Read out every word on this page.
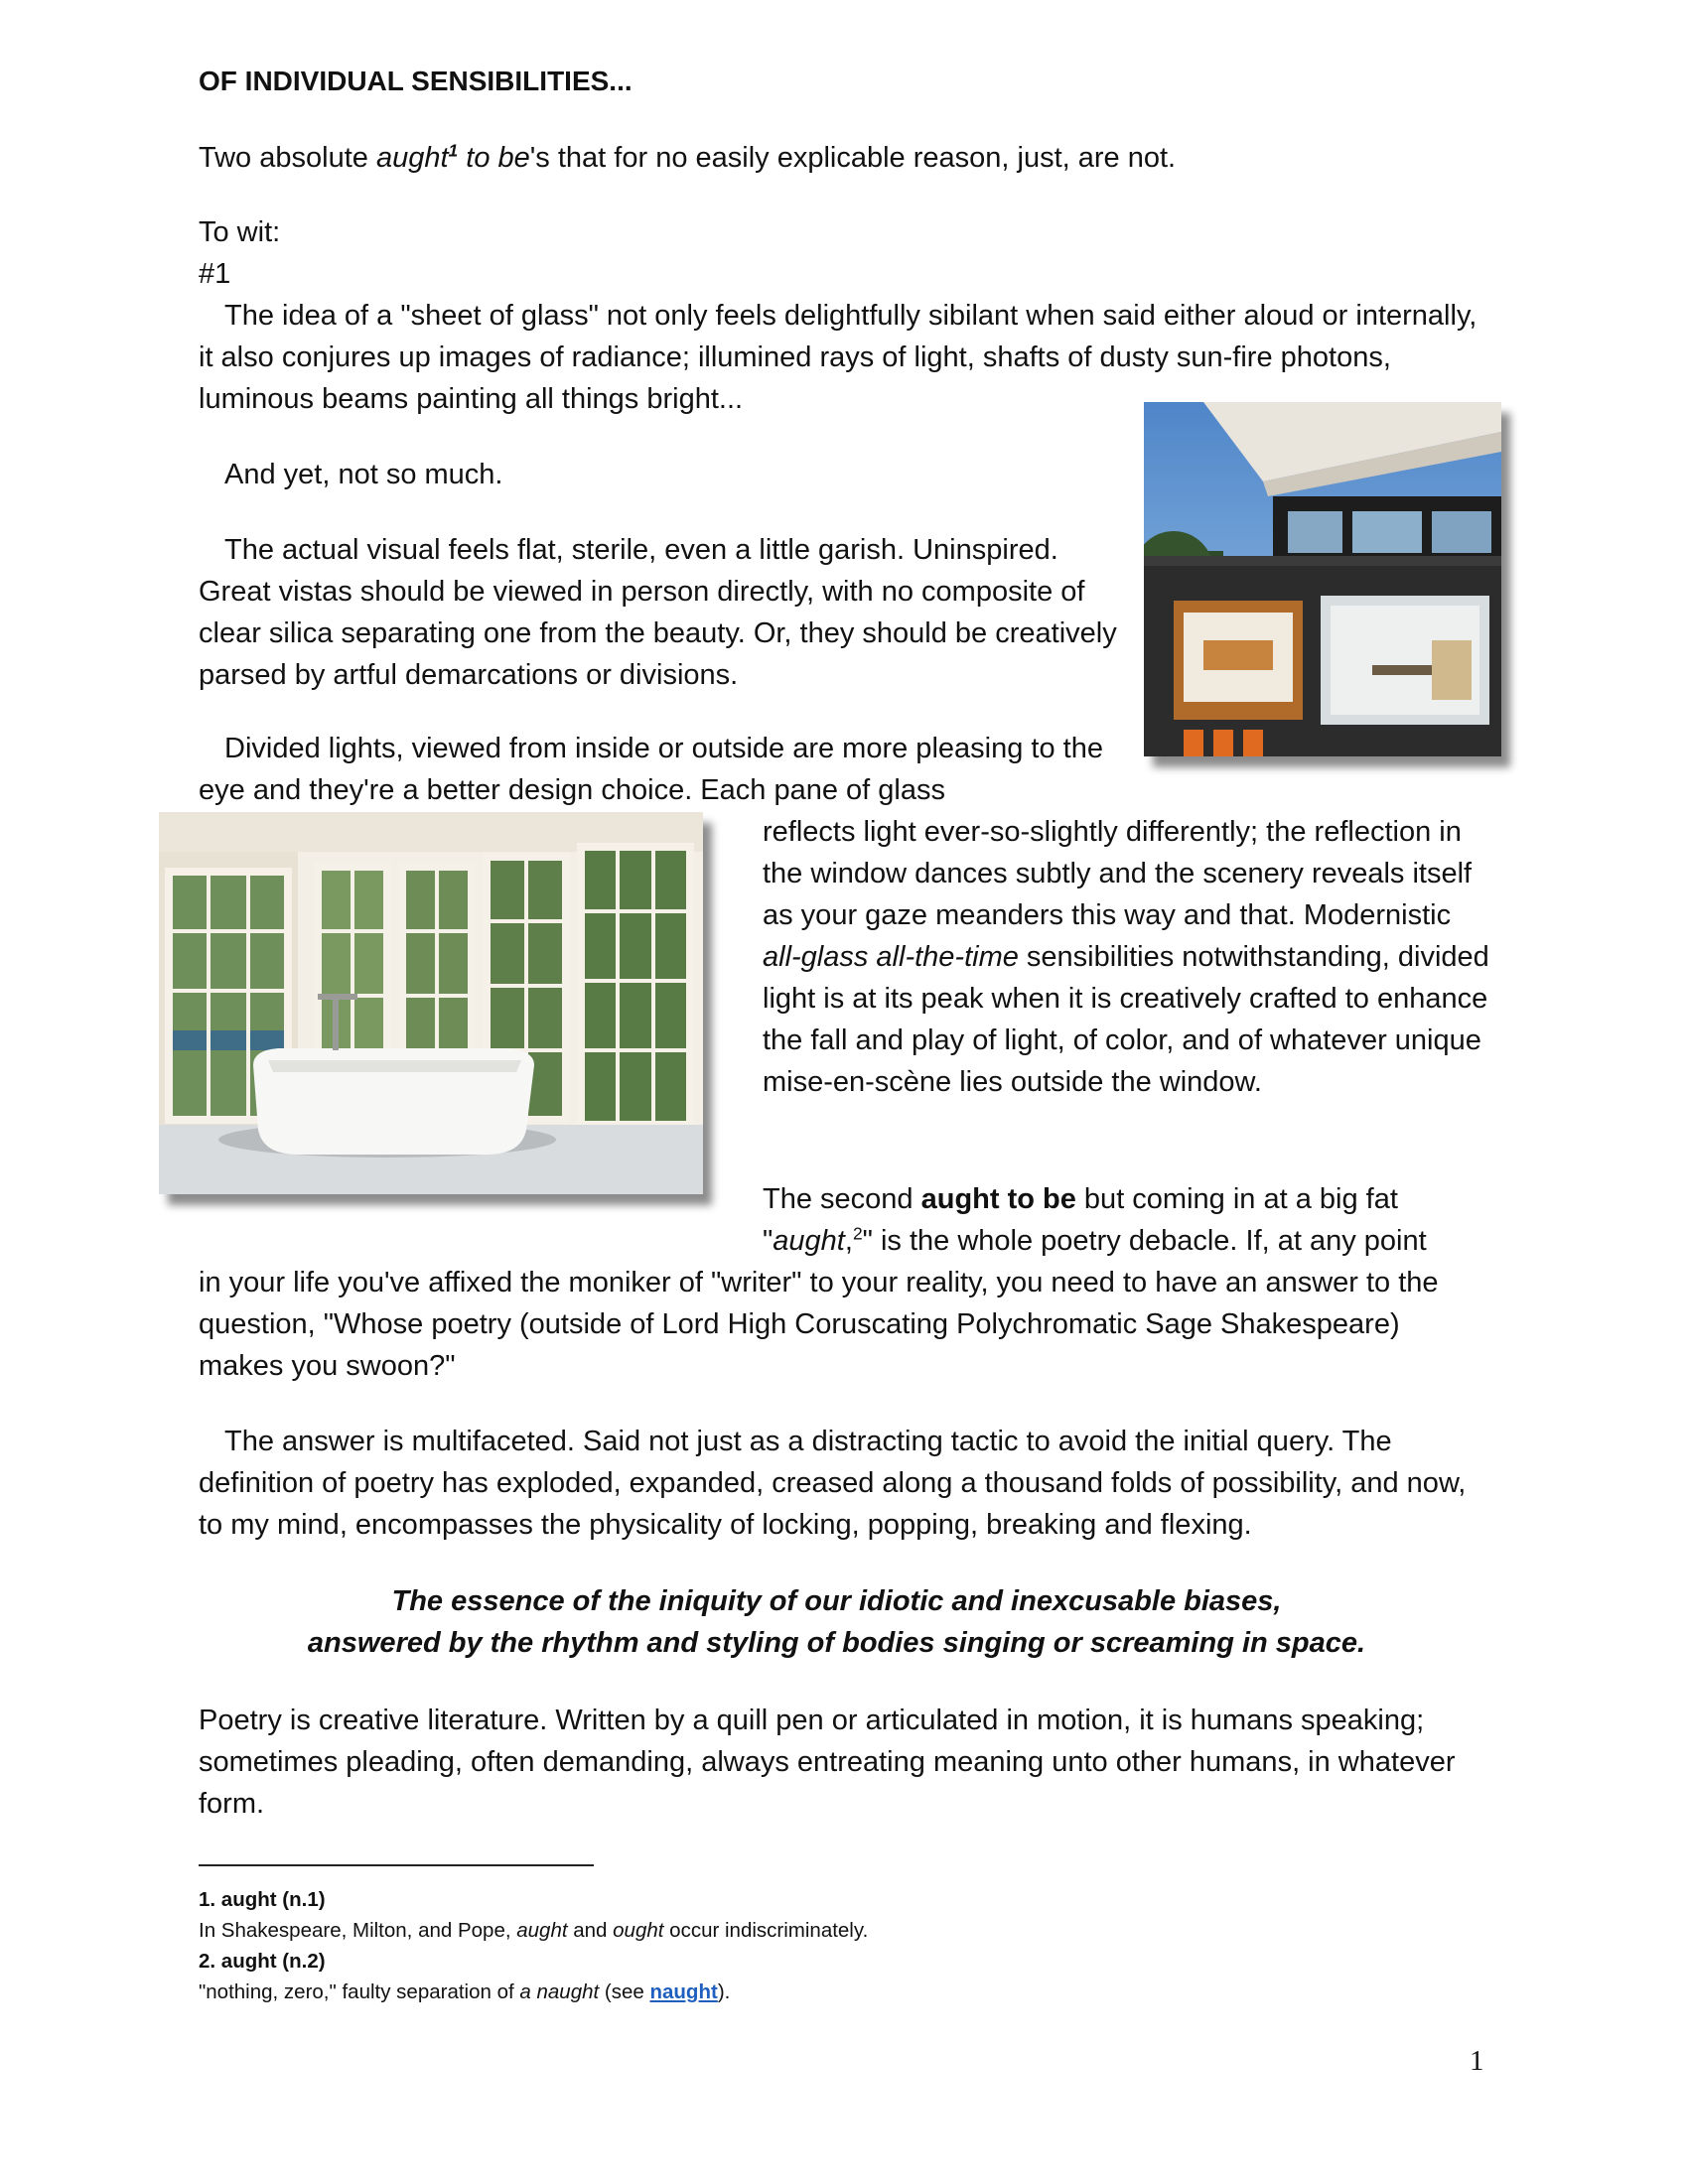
OF INDIVIDUAL SENSIBILITIES...

Two absolute aught$^1$ to be's that for no easily explicable reason, just, are not.

To wit:

#1

The idea of a "sheet of glass" not only feels delightfully sibilant when said either aloud or internally, it also conjures up images of radiance; illumined rays of light, shafts of dusty sun-fire photons, luminous beams painting all things bright...

And yet, not so much.

The actual visual feels flat, sterile, even a little garish. Uninspired. Great vistas should be viewed in person directly, with no composite of clear silica separating one from the beauty. Or, they should be creatively parsed by artful demarcations or divisions.

Divided lights, viewed from inside or outside are more pleasing to the eye and they're a better design choice. Each pane of glass

reflects light ever-so-slightly differently; the reflection in the window dances subtly and the scenery reveals itself as your gaze meanders this way and that. Modernistic all-glass all-the-time sensibilities notwithstanding, divided light is at its peak when it is creatively crafted to enhance the fall and play of light, of color, and of whatever unique mise-en-scène lies outside the window.

The second aught to be but coming in at a big fat "aught,$^2$" is the whole poetry debacle. If, at any point

in your life you've affixed the moniker of "writer" to your reality, you need to have an answer to the question, "Whose poetry (outside of Lord High Coruscating Polychromatic Sage Shakespeare) makes you swoon?"

The answer is multifaceted. Said not just as a distracting tactic to avoid the initial query. The definition of poetry has exploded, expanded, creased along a thousand folds of possibility, and now, to my mind, encompasses the physicality of locking, popping, breaking and flexing.

The essence of the iniquity of our idiotic and inexcusable biases,
answered by the rhythm and styling of bodies singing or screaming in space.

Poetry is creative literature. Written by a quill pen or articulated in motion, it is humans speaking; sometimes pleading, often demanding, always entreating meaning unto other humans, in whatever form.

1. aught (n.1)
In Shakespeare, Milton, and Pope, aught and ought occur indiscriminately.
2. aught (n.2)
"nothing, zero," faulty separation of a naught (see naught).
1
